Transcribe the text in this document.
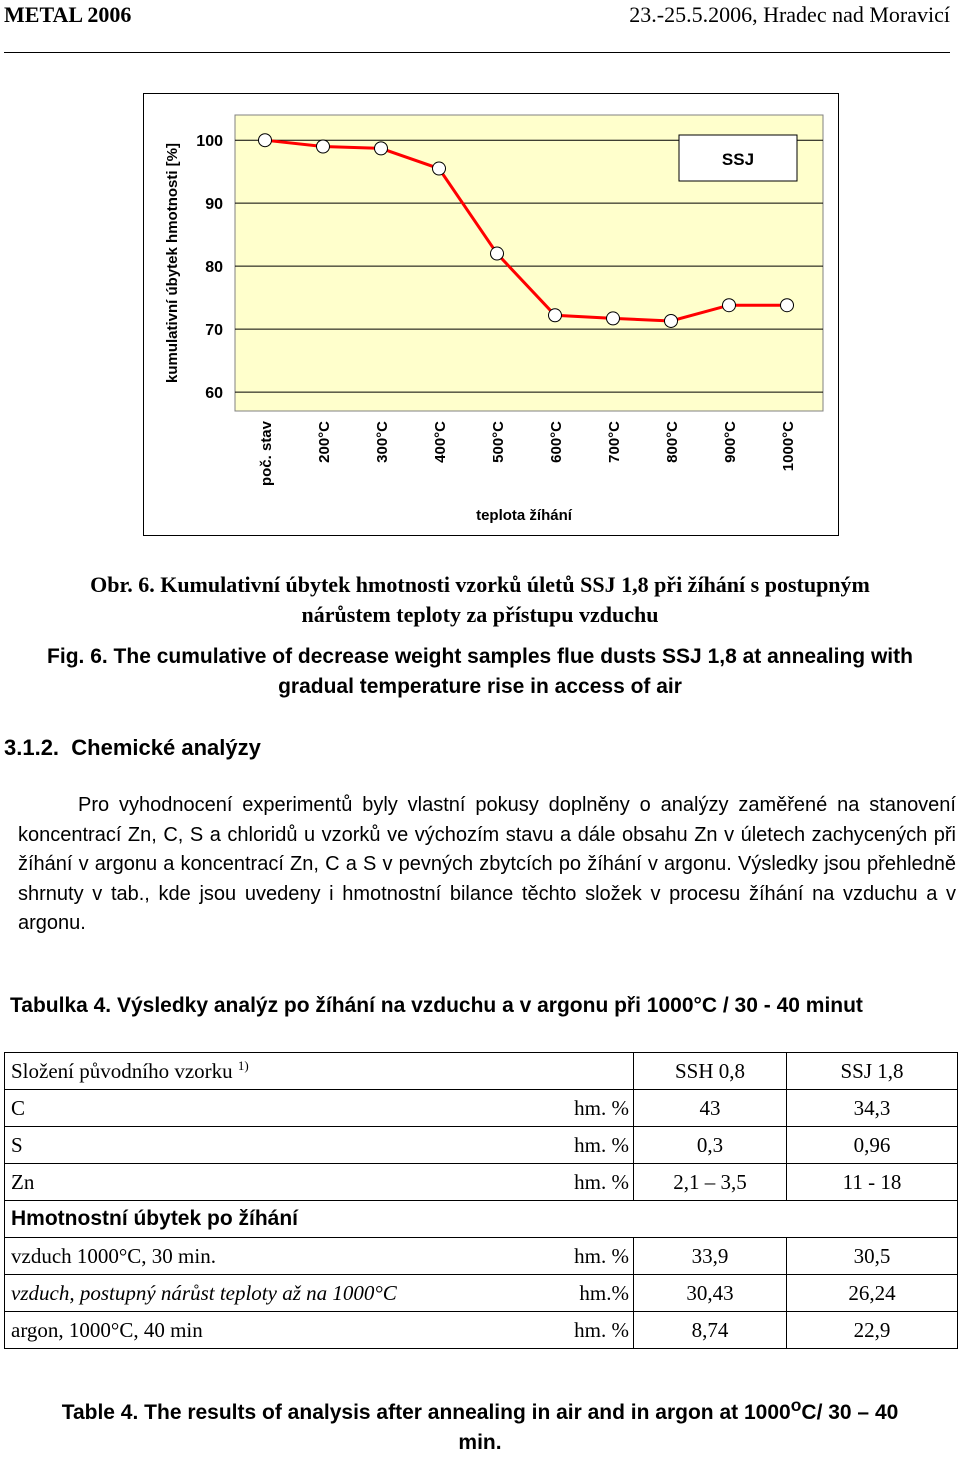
METAL 2006	23.-25.5.2006, Hradec nad Moravicí
60
70
80
90
100
SSJ
poč. stav	200°C	300°C	400°C	500°C	600°C	700°C	800°C	900°C	1000°C
kumulativní úbytek hmotnosti [%]
teplota žíhání
Obr. 6. Kumulativní úbytek hmotnosti vzorků úletů SSJ 1,8 při žíhání s postupným
nárůstem teploty za přístupu vzduchu
Fig. 6. The cumulative of decrease weight samples flue dusts SSJ 1,8 at annealing with
gradual temperature rise in access of air
3.1.2. Chemické analýzy
Pro vyhodnocení experimentů byly vlastní pokusy doplněny o analýzy zaměřené na stanovení koncentrací Zn, C, S a chloridů u vzorků ve výchozím stavu a dále obsahu Zn v úletech zachycených při žíhání v argonu a koncentrací Zn, C a S v pevných zbytcích po žíhání v argonu. Výsledky jsou přehledně shrnuty v tab., kde jsou uvedeny i hmotnostní bilance těchto složek v procesu žíhání na vzduchu a v argonu.
Tabulka 4. Výsledky analýz po žíhání na vzduchu a v argonu při 1000°C / 30 - 40 minut
Složení původního vzorku $^{1)}$		SSH 0,8	SSJ 1,8
C	hm. %	43	34,3
S	hm. %	0,3	0,96
Zn	hm. %	2,1 – 3,5	11 - 18
Hmotnostní úbytek po žíhání			
vzduch 1000°C, 30 min.	hm. %	33,9	30,5
vzduch, postupný nárůst teploty až na 1000°C	hm.%	30,43	26,24
argon, 1000°C, 40 min	hm. %	8,74	22,9
Table 4. The results of analysis after annealing in air and in argon at 1000$^o$C/ 30 – 40
min.
